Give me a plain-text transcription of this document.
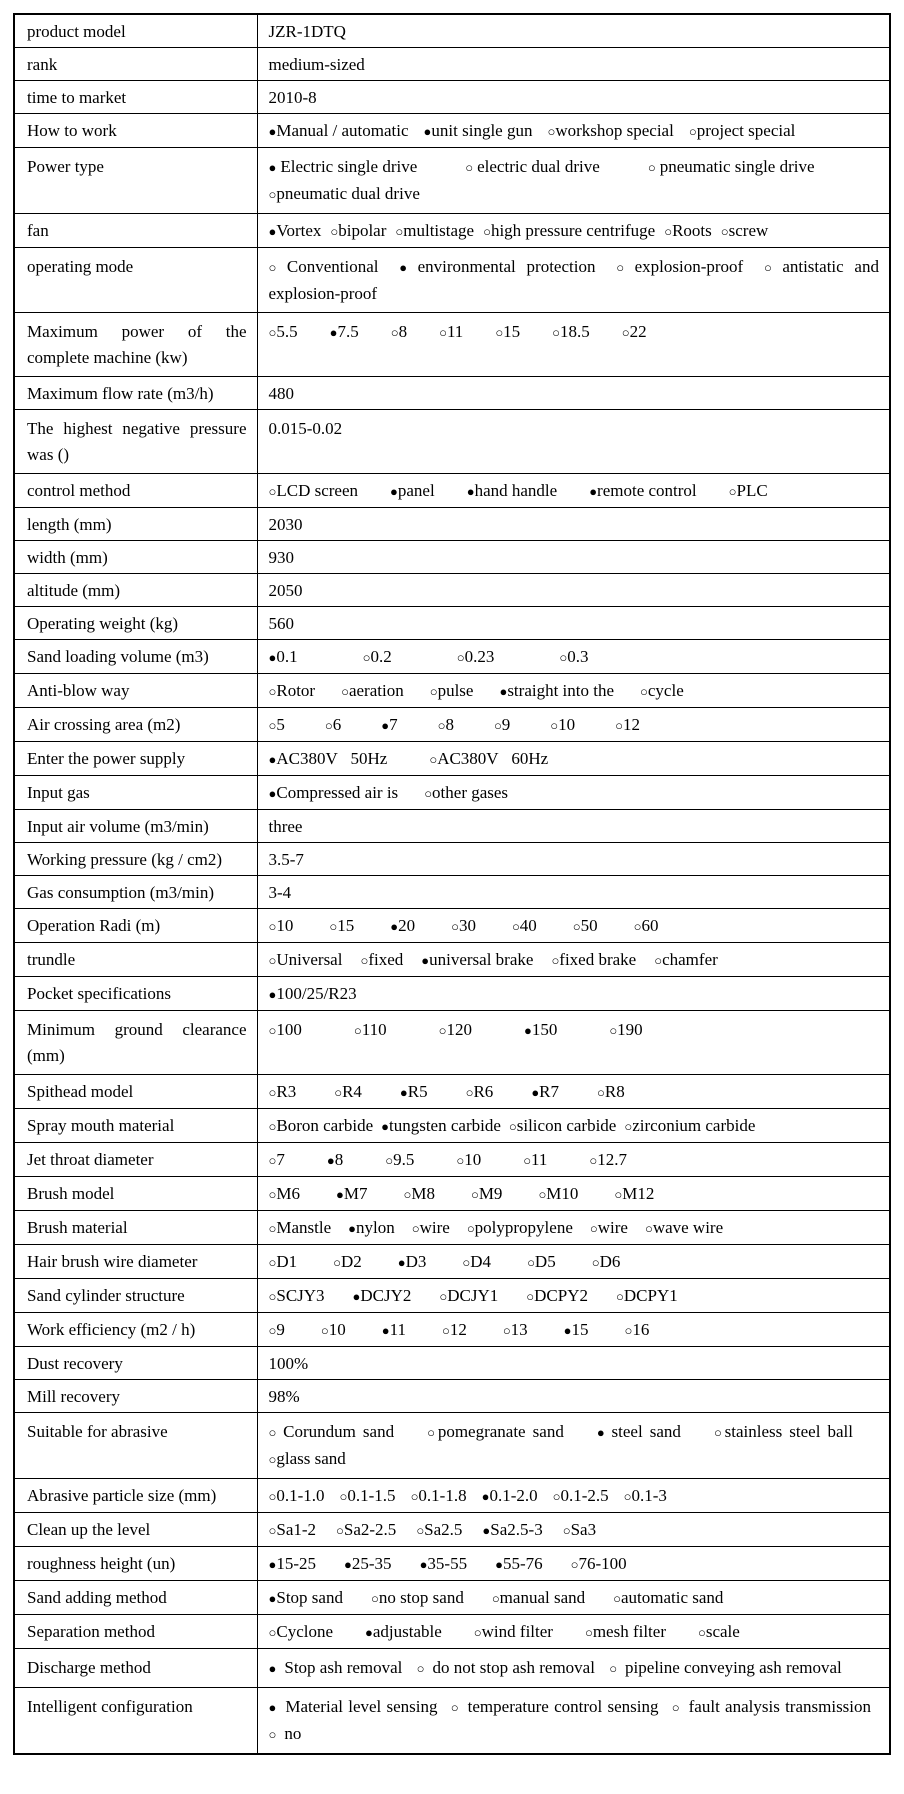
product model	JZR-1DTQ
rank	medium-sized
time to market	2010-8
How to work	●Manual / automatic ●unit single gun ○workshop special ○project special
Power type	● Electric single drive ○ electric dual drive ○ pneumatic single drive○pneumatic dual drive
fan	●Vortex ○bipolar ○multistage ○high pressure centrifuge ○Roots ○screw
operating mode	○ Conventional ● environmental protection ○ explosion-proof ○ antistatic and explosion-proof
Maximum power of the complete machine (kw)	○5.5 ●7.5 ○8 ○11 ○15 ○18.5 ○22
Maximum flow rate (m3/h)	480
The highest negative pressure was ()	0.015-0.02
control method	○LCD screen ●panel ●hand handle ●remote control ○PLC
length (mm)	2030
width (mm)	930
altitude (mm)	2050
Operating weight (kg)	560
Sand loading volume (m3)	●0.1 ○0.2 ○0.23 ○0.3
Anti-blow way	○Rotor ○aeration ○pulse ●straight into the ○cycle
Air crossing area (m2)	○5 ○6 ●7 ○8 ○9 ○10 ○12
Enter the power supply	●AC380V   50Hz ○AC380V   60Hz
Input gas	●Compressed air is ○other gases
Input air volume (m3/min)	three
Working pressure (kg / cm2)	3.5-7
Gas consumption (m3/min)	3-4
Operation Radi (m)	○10 ○15 ●20 ○30 ○40 ○50 ○60
trundle	○Universal ○fixed ●universal brake ○fixed brake ○chamfer
Pocket specifications	●100/25/R23
Minimum ground clearance (mm)	○100 ○110 ○120 ●150 ○190
Spithead model	○R3 ○R4 ●R5 ○R6 ●R7 ○R8
Spray mouth material	○Boron carbide ●tungsten carbide ○silicon carbide ○zirconium carbide
Jet throat diameter	○7 ●8 ○9.5 ○10 ○11 ○12.7
Brush model	○M6 ●M7 ○M8 ○M9 ○M10 ○M12
Brush material	○Manstle ●nylon ○wire ○polypropylene ○wire ○wave wire
Hair brush wire diameter	○D1 ○D2 ●D3 ○D4 ○D5 ○D6
Sand cylinder structure	○SCJY3 ●DCJY2 ○DCJY1 ○DCPY2 ○DCPY1
Work efficiency (m2 / h)	○9 ○10 ●11 ○12 ○13 ●15 ○16
Dust recovery	100%
Mill recovery	98%
Suitable for abrasive	○ Corundum sand ○pomegranate sand ● steel sand ○stainless steel ball ○glass sand
Abrasive particle size (mm)	○0.1-1.0 ○0.1-1.5 ○0.1-1.8 ●0.1-2.0 ○0.1-2.5 ○0.1-3
Clean up the level	○Sa1-2 ○Sa2-2.5 ○Sa2.5 ●Sa2.5-3 ○Sa3
roughness height (un)	●15-25 ●25-35 ●35-55 ●55-76 ○76-100
Sand adding method	●Stop sand ○no stop sand ○manual sand ○automatic sand
Separation method	○Cyclone ●adjustable ○wind filter ○mesh filter ○scale
Discharge method	● Stop ash removal ○ do not stop ash removal ○ pipeline conveying ash removal
Intelligent configuration	● Material level sensing ○ temperature control sensing ○ fault analysis transmission ○ no
